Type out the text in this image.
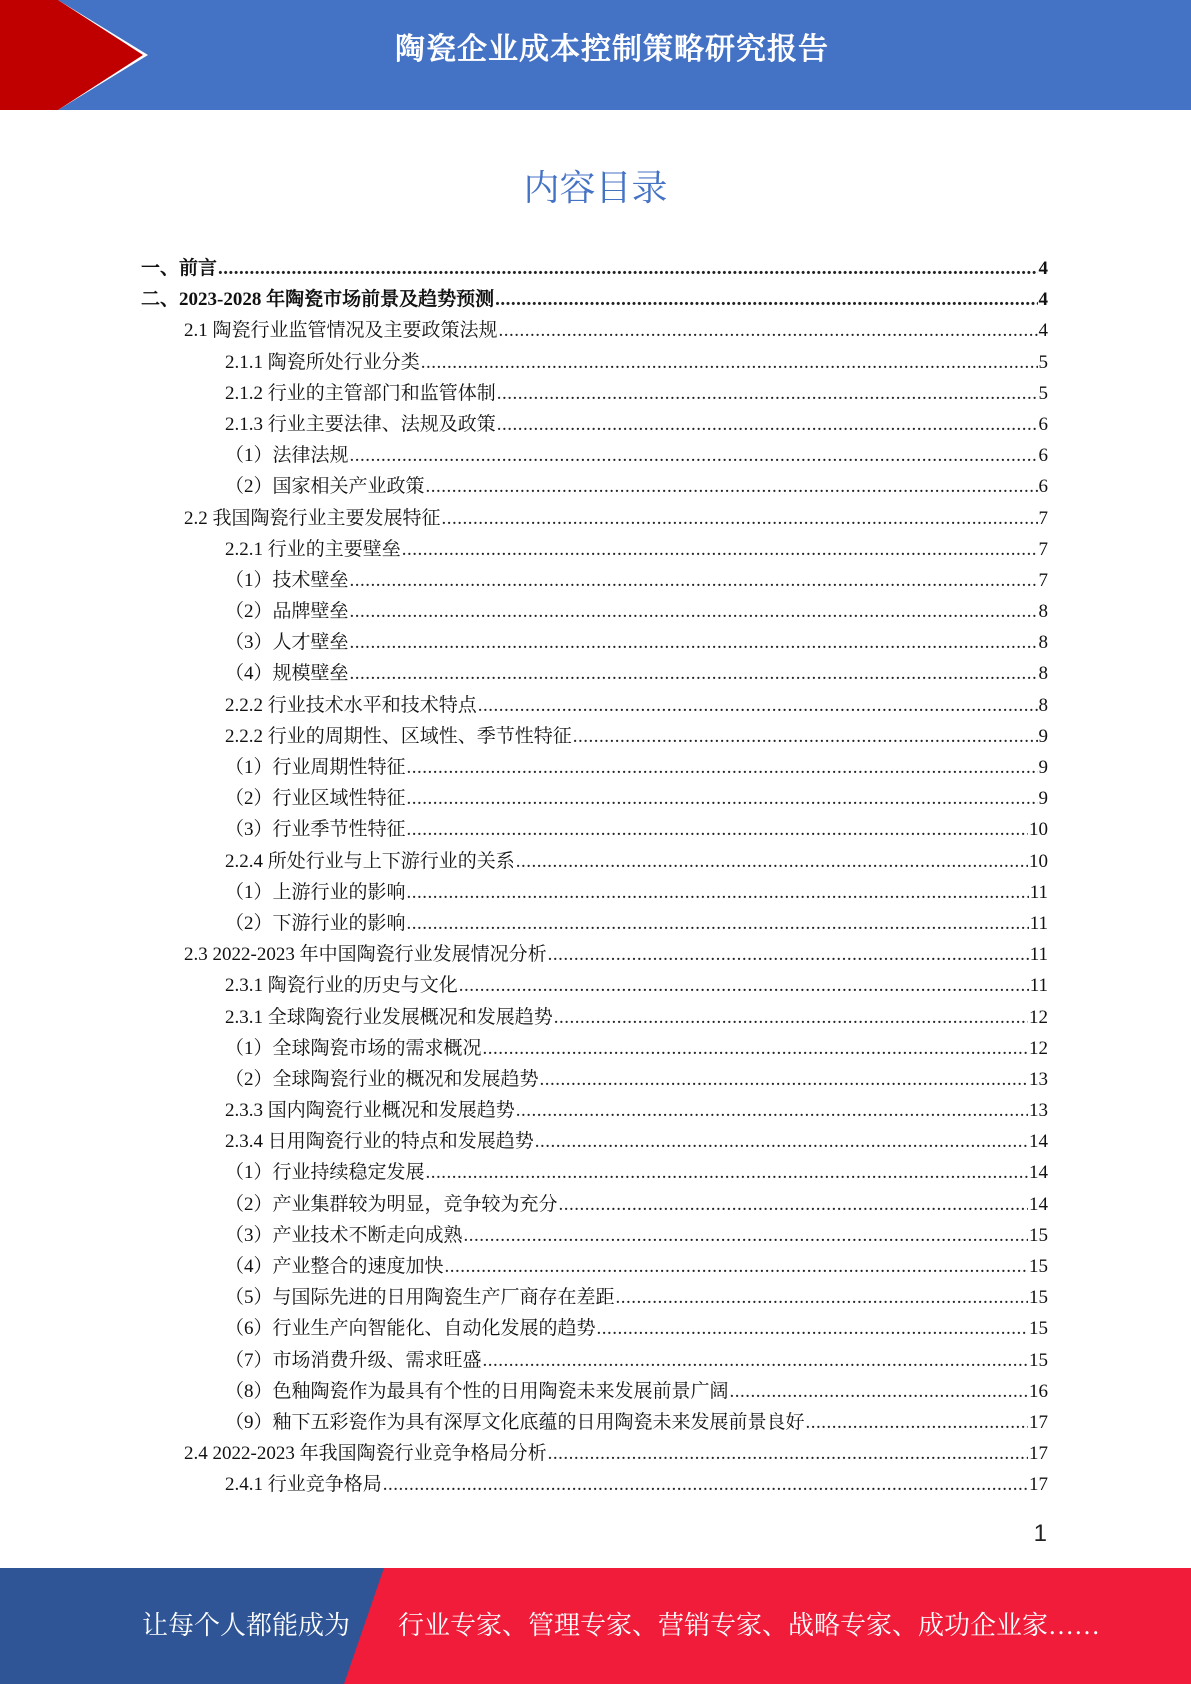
陶瓷企业成本控制策略研究报告
内容目录
一、前言 .....	4
二、2023-2028 年陶瓷市场前景及趋势预测 .....	4
2.1 陶瓷行业监管情况及主要政策法规 .....	4
2.1.1 陶瓷所处行业分类 .....	5
2.1.2 行业的主管部门和监管体制 .....	5
2.1.3 行业主要法律、法规及政策 .....	6
（1）法律法规 .....	6
（2）国家相关产业政策 .....	6
2.2 我国陶瓷行业主要发展特征 .....	7
2.2.1 行业的主要壁垒 .....	7
（1）技术壁垒 .....	7
（2）品牌壁垒 .....	8
（3）人才壁垒 .....	8
（4）规模壁垒 .....	8
2.2.2 行业技术水平和技术特点 .....	8
2.2.2 行业的周期性、区域性、季节性特征 .....	9
（1）行业周期性特征 .....	9
（2）行业区域性特征 .....	9
（3）行业季节性特征 .....	10
2.2.4 所处行业与上下游行业的关系 .....	10
（1）上游行业的影响 .....	11
（2）下游行业的影响 .....	11
2.3 2022-2023 年中国陶瓷行业发展情况分析 .....	11
2.3.1 陶瓷行业的历史与文化 .....	11
2.3.1 全球陶瓷行业发展概况和发展趋势 .....	12
（1）全球陶瓷市场的需求概况 .....	12
（2）全球陶瓷行业的概况和发展趋势 .....	13
2.3.3 国内陶瓷行业概况和发展趋势 .....	13
2.3.4 日用陶瓷行业的特点和发展趋势 .....	14
（1）行业持续稳定发展 .....	14
（2）产业集群较为明显，竞争较为充分 .....	14
（3）产业技术不断走向成熟 .....	15
（4）产业整合的速度加快 .....	15
（5）与国际先进的日用陶瓷生产厂商存在差距 .....	15
（6）行业生产向智能化、自动化发展的趋势 .....	15
（7）市场消费升级、需求旺盛 .....	15
（8）色釉陶瓷作为最具有个性的日用陶瓷未来发展前景广阔 .....	16
（9）釉下五彩瓷作为具有深厚文化底蕴的日用陶瓷未来发展前景良好 .....	17
2.4 2022-2023 年我国陶瓷行业竞争格局分析 .....	17
2.4.1 行业竞争格局 .....	17
1
让每个人都能成为 行业专家、管理专家、营销专家、战略专家、成功企业家……
